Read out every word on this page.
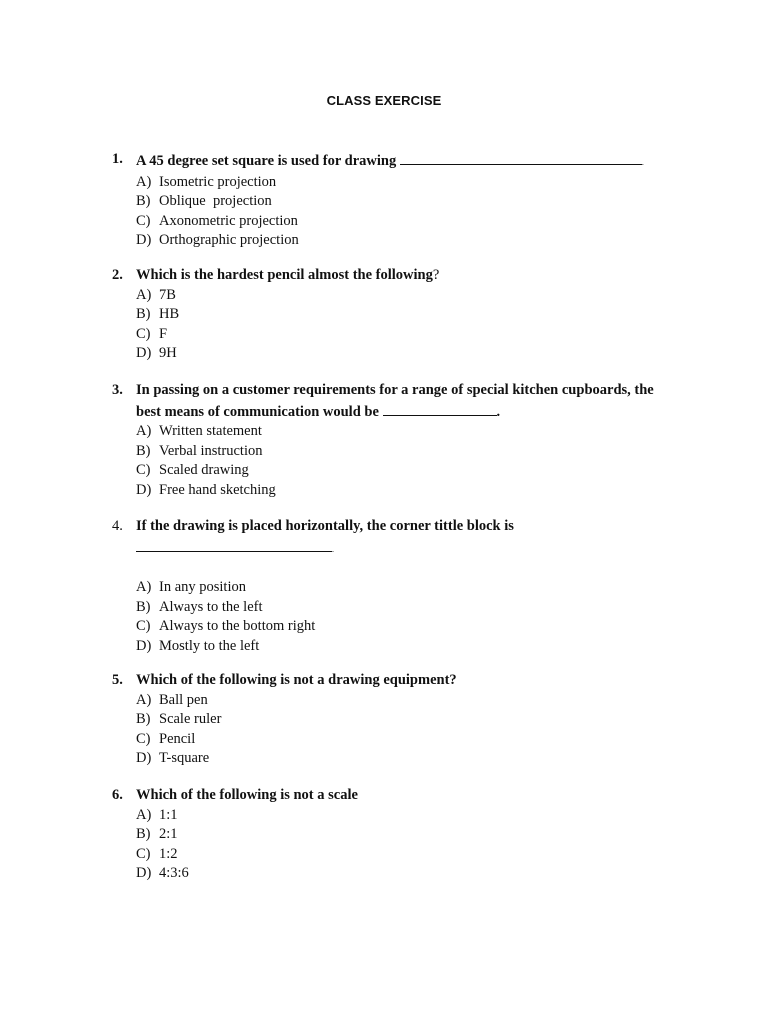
CLASS EXERCISE
1. A 45 degree set square is used for drawing	.
A) Isometric projection
B) Oblique  projection
C) Axonometric projection
D) Orthographic projection
2. Which is the hardest pencil almost the following?
A) 7B
B) HB
C) F
D) 9H
3. In passing on a customer requirements for a range of special kitchen cupboards, the
best means of communication would be	.
A) Written statement
B) Verbal instruction
C) Scaled drawing
D) Free hand sketching
4. If the drawing is placed horizontally, the corner tittle block is
.
A) In any position
B) Always to the left
C) Always to the bottom right
D) Mostly to the left
5. Which of the following is not a drawing equipment?
A) Ball pen
B) Scale ruler
C) Pencil
D) T-square
6. Which of the following is not a scale
A) 1:1
B) 2:1
C) 1:2
D) 4:3:6
